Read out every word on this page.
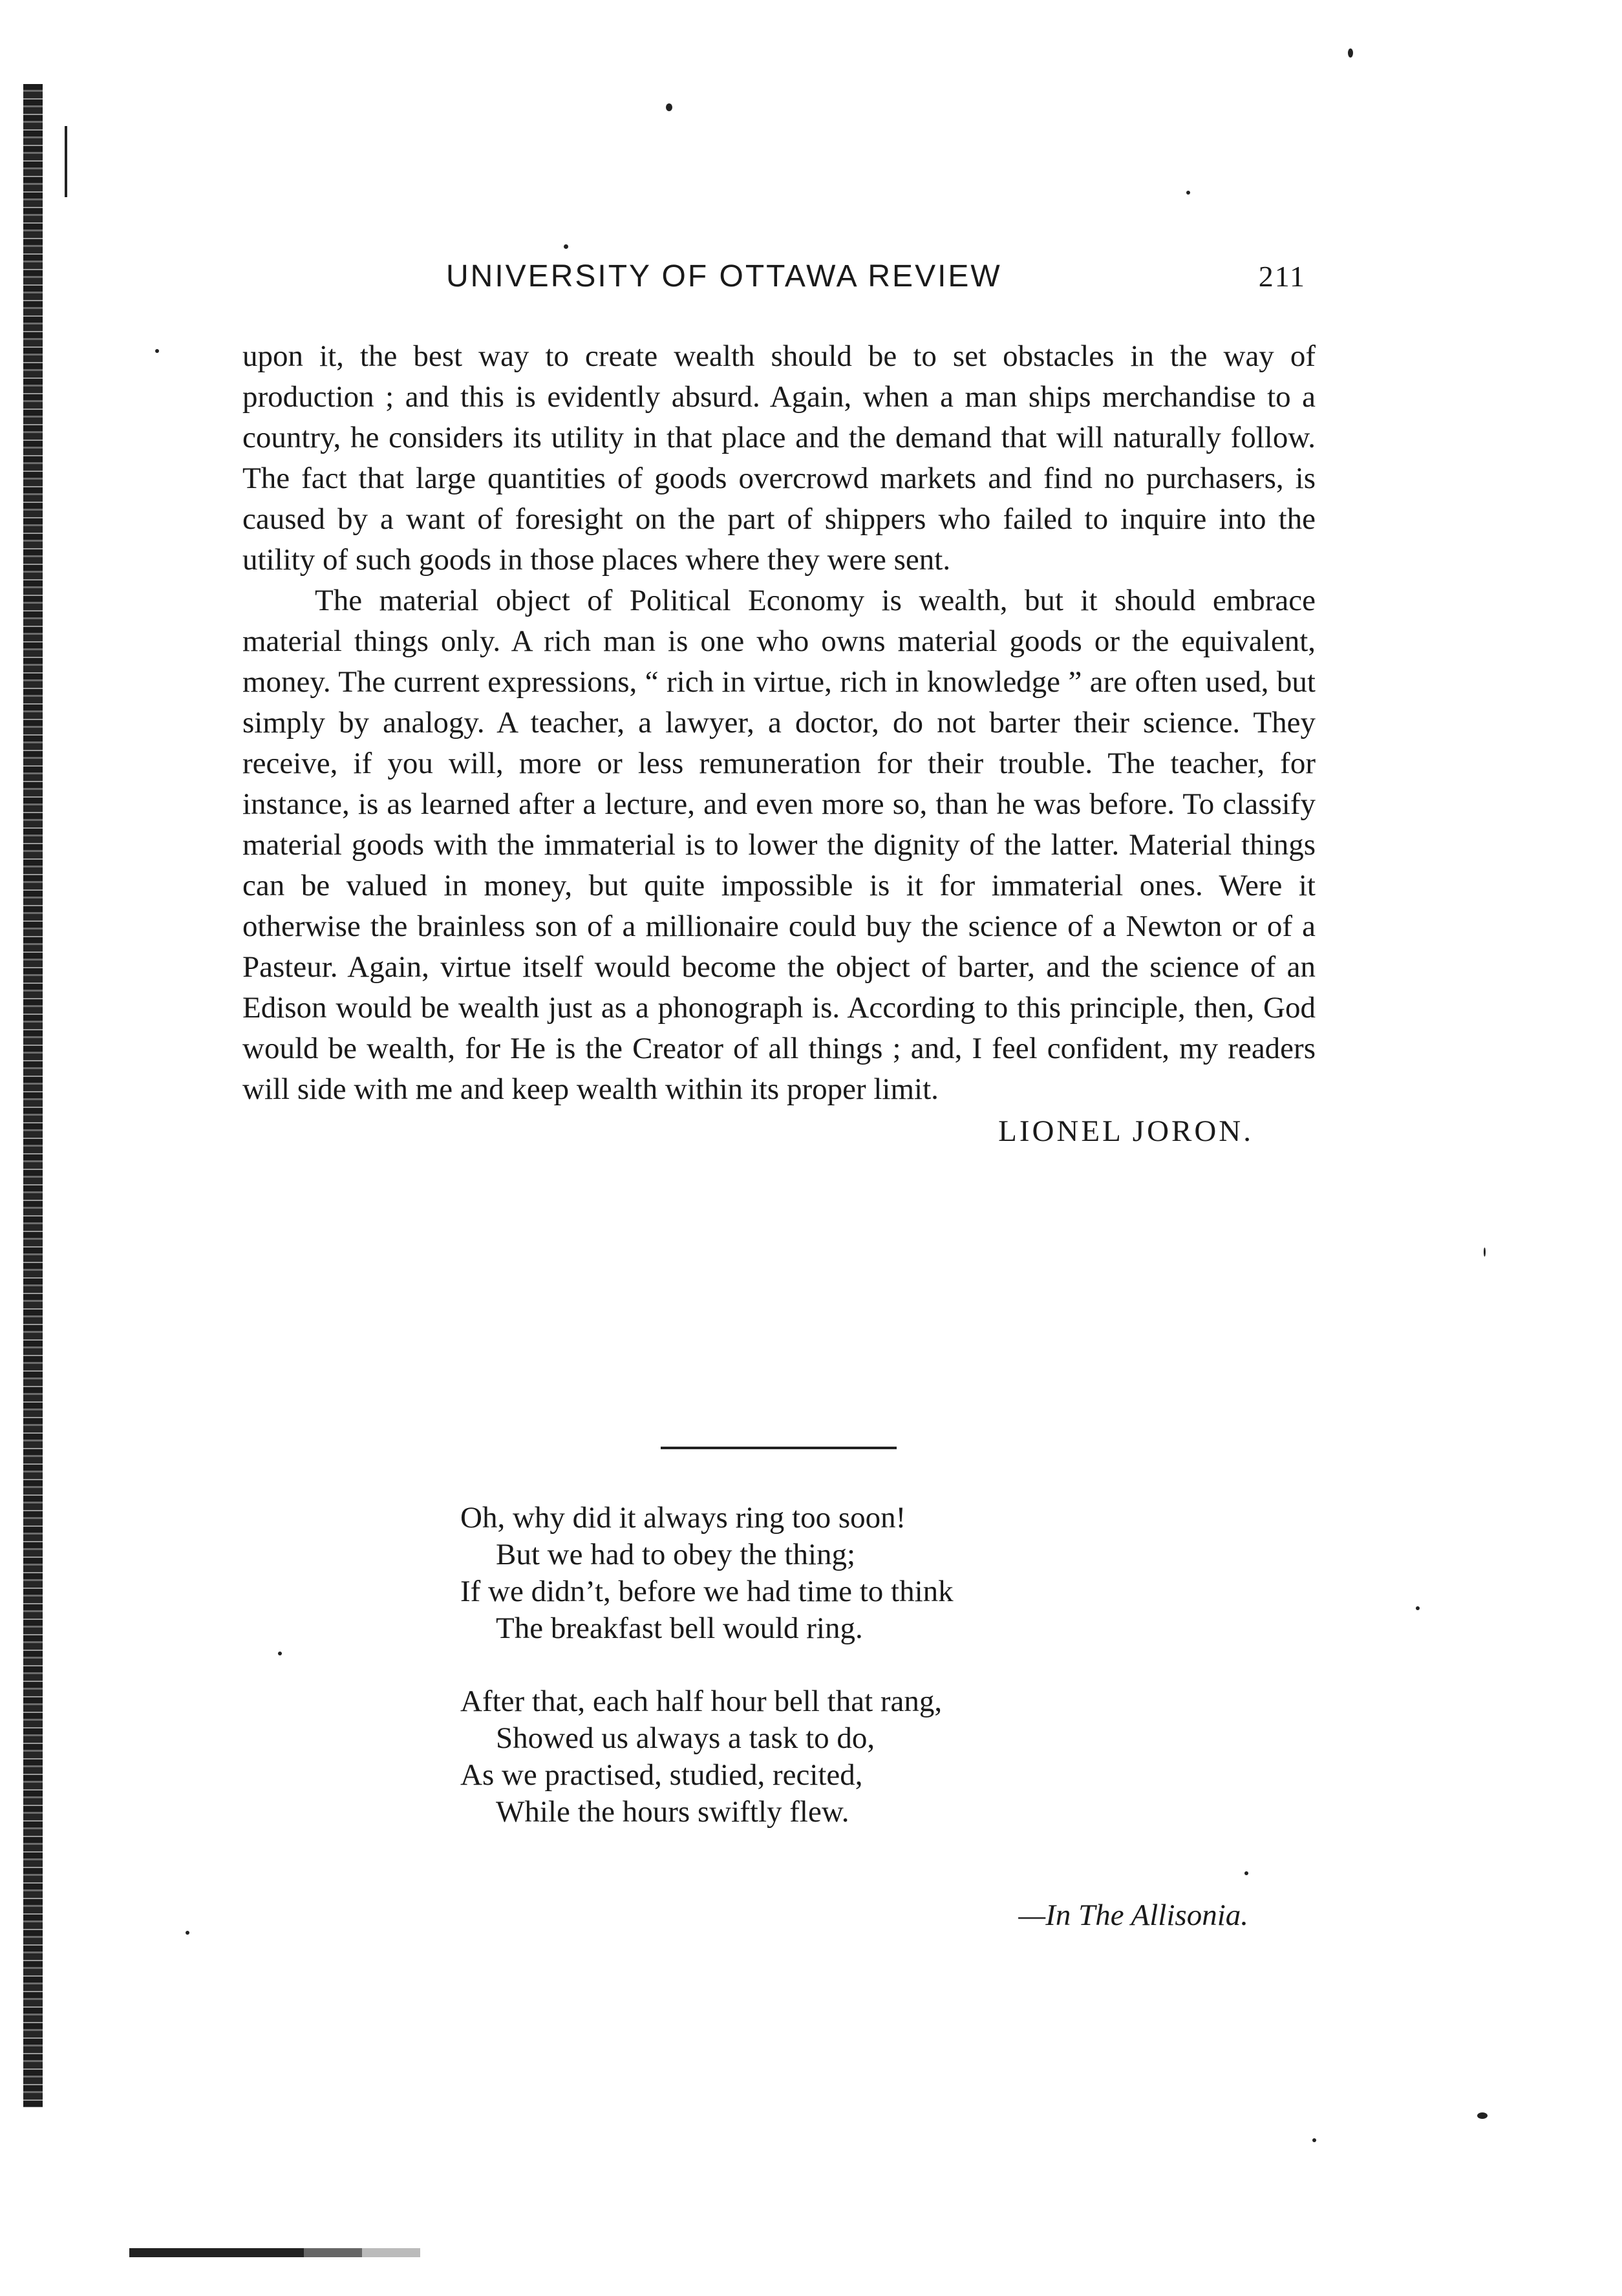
UNIVERSITY OF OTTAWA REVIEW	211

upon it, the best way to create wealth should be to set obstacles in the way of production ; and this is evidently absurd. Again, when a man ships merchandise to a country, he considers its utility in that place and the demand that will naturally follow. The fact that large quantities of goods overcrowd markets and find no purchasers, is caused by a want of foresight on the part of shippers who failed to inquire into the utility of such goods in those places where they were sent.

The material object of Political Economy is wealth, but it should embrace material things only. A rich man is one who owns material goods or the equivalent, money. The current expressions, “ rich in virtue, rich in knowledge ” are often used, but simply by analogy. A teacher, a lawyer, a doctor, do not barter their science. They receive, if you will, more or less remuneration for their trouble. The teacher, for instance, is as learned after a lecture, and even more so, than he was before. To classify material goods with the immaterial is to lower the dignity of the latter. Material things can be valued in money, but quite impossible is it for immaterial ones. Were it otherwise the brainless son of a millionaire could buy the science of a Newton or of a Pasteur. Again, virtue itself would become the object of barter, and the science of an Edison would be wealth just as a phonograph is. According to this principle, then, God would be wealth, for He is the Creator of all things ; and, I feel confident, my readers will side with me and keep wealth within its proper limit.

LIONEL JORON.
Oh, why did it always ring too soon!
But we had to obey the thing;
If we didn’t, before we had time to think
The breakfast bell would ring.
After that, each half hour bell that rang,
Showed us always a task to do,
As we practised, studied, recited,
While the hours swiftly flew.
—In The Allisonia.
